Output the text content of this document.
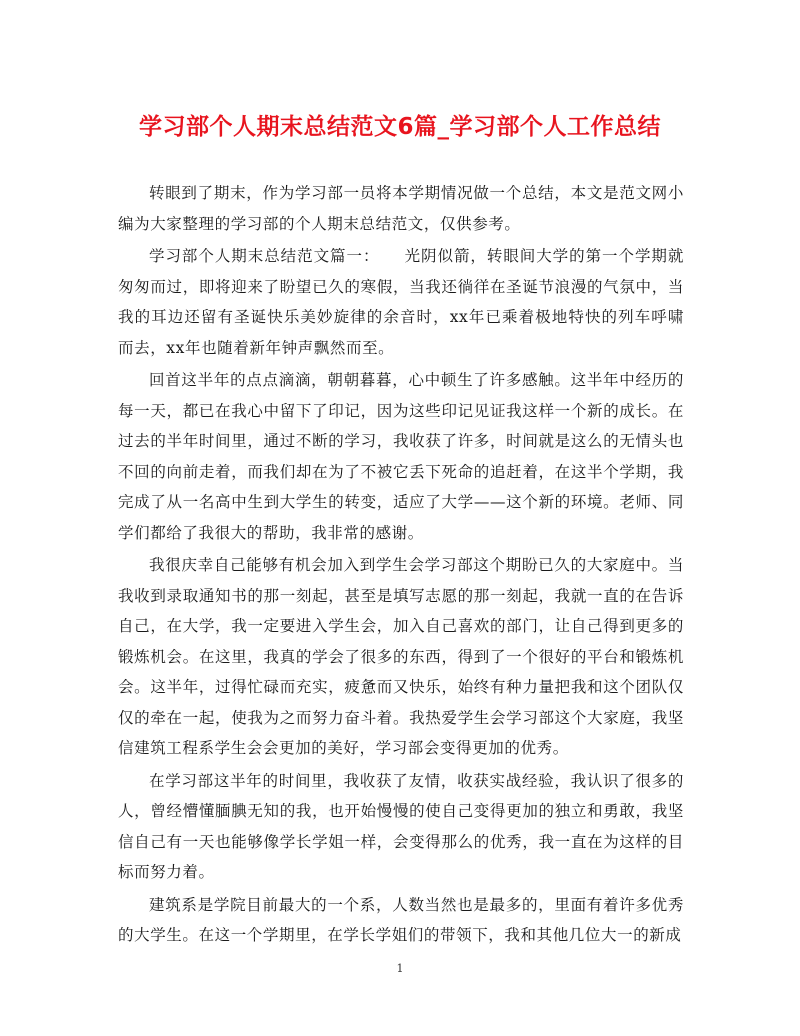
学习部个人期末总结范文6篇_学习部个人工作总结

转眼到了期末，作为学习部一员将本学期情况做一个总结，本文是范文网小编为大家整理的学习部的个人期末总结范文，仅供参考。

学习部个人期末总结范文篇一：　　光阴似箭，转眼间大学的第一个学期就匆匆而过，即将迎来了盼望已久的寒假，当我还徜徉在圣诞节浪漫的气氛中，当我的耳边还留有圣诞快乐美妙旋律的余音时，xx年已乘着极地特快的列车呼啸而去，xx年也随着新年钟声飘然而至。

回首这半年的点点滴滴，朝朝暮暮，心中顿生了许多感触。这半年中经历的每一天，都已在我心中留下了印记，因为这些印记见证我这样一个新的成长。在过去的半年时间里，通过不断的学习，我收获了许多，时间就是这么的无情头也不回的向前走着，而我们却在为了不被它丢下死命的追赶着，在这半个学期，我完成了从一名高中生到大学生的转变，适应了大学——这个新的环境。老师、同学们都给了我很大的帮助，我非常的感谢。

我很庆幸自己能够有机会加入到学生会学习部这个期盼已久的大家庭中。当我收到录取通知书的那一刻起，甚至是填写志愿的那一刻起，我就一直的在告诉自己，在大学，我一定要进入学生会，加入自己喜欢的部门，让自己得到更多的锻炼机会。在这里，我真的学会了很多的东西，得到了一个很好的平台和锻炼机会。这半年，过得忙碌而充实，疲惫而又快乐，始终有种力量把我和这个团队仅仅的牵在一起，使我为之而努力奋斗着。我热爱学生会学习部这个大家庭，我坚信建筑工程系学生会会更加的美好，学习部会变得更加的优秀。

在学习部这半年的时间里，我收获了友情，收获实战经验，我认识了很多的人，曾经懵懂腼腆无知的我，也开始慢慢的使自己变得更加的独立和勇敢，我坚信自己有一天也能够像学长学姐一样，会变得那么的优秀，我一直在为这样的目标而努力着。

建筑系是学院目前最大的一个系，人数当然也是最多的，里面有着许多优秀的大学生。在这一个学期里，在学长学姐们的带领下，我和其他几位大一的新成

1
